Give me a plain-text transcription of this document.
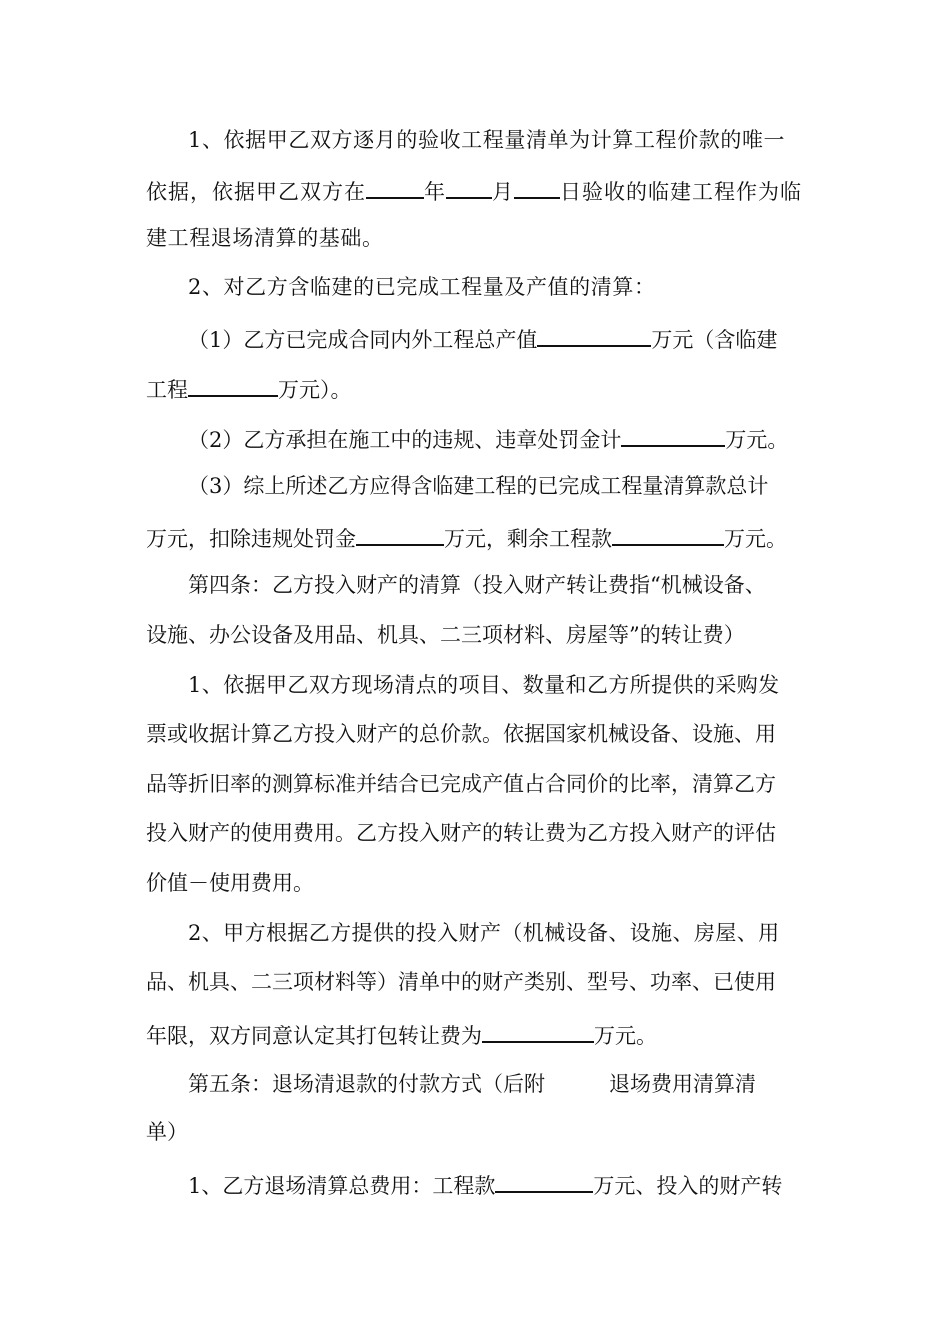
1、依据甲乙双方逐月的验收工程量清单为计算工程价款的唯一
依据，依据甲乙双方在	年 月 日验收的临建工程作为临
建工程退场清算的基础。
2、对乙方含临建的已完成工程量及产值的清算：
（1）乙方已完成合同内外工程总产值	万元（含临建
工程	万元）。
（2）乙方承担在施工中的违规、违章处罚金计	万元。
（3）综上所述乙方应得含临建工程的已完成工程量清算款总计
万元，扣除违规处罚金	万元，剩余工程款	万元。
第四条：乙方投入财产的清算（投入财产转让费指“机械设备、
设施、办公设备及用品、机具、二三项材料、房屋等”的转让费）
1、依据甲乙双方现场清点的项目、数量和乙方所提供的采购发
票或收据计算乙方投入财产的总价款。依据国家机械设备、设施、用
品等折旧率的测算标准并结合已完成产值占合同价的比率，清算乙方
投入财产的使用费用。乙方投入财产的转让费为乙方投入财产的评估
价值－使用费用。
2、甲方根据乙方提供的投入财产（机械设备、设施、房屋、用
品、机具、二三项材料等）清单中的财产类别、型号、功率、已使用
年限，双方同意认定其打包转让费为	万元。
第五条：退场清退款的付款方式（后附	退场费用清算清
单）
1、乙方退场清算总费用：工程款	万元、投入的财产转
